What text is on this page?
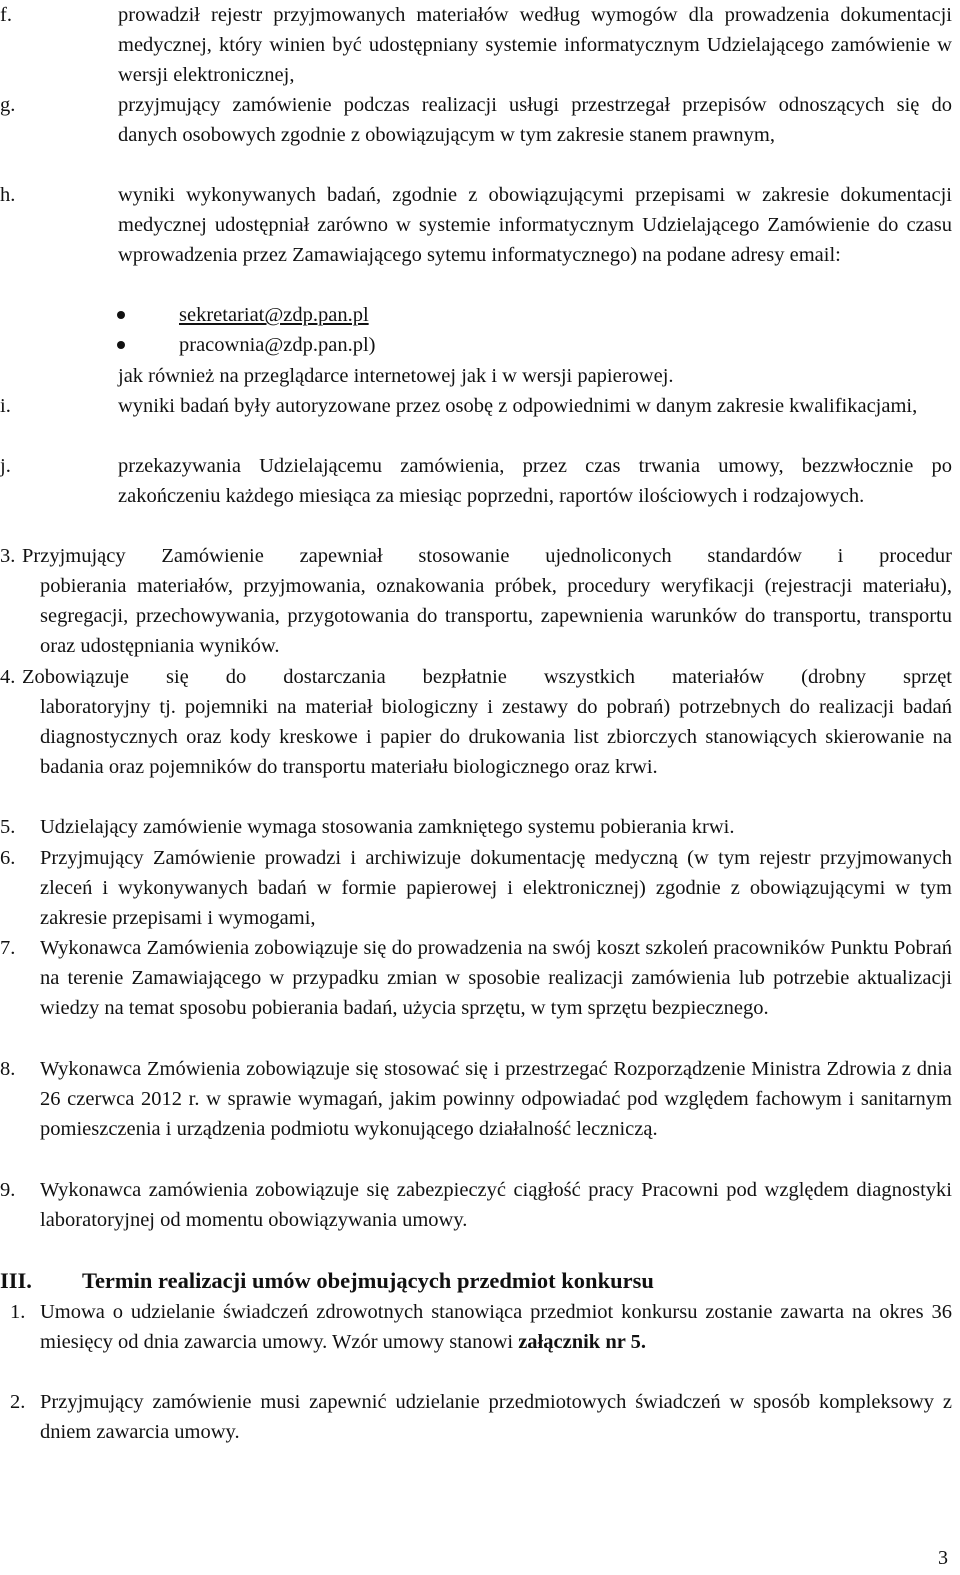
f.	prowadził rejestr przyjmowanych materiałów według wymogów dla prowadzenia dokumentacji medycznej, który winien być udostępniany systemie informatycznym Udzielającego zamówienie w wersji elektronicznej,
g.	przyjmujący zamówienie podczas realizacji usługi przestrzegał przepisów odnoszących się do danych osobowych zgodnie z obowiązującym w tym zakresie stanem prawnym,
h.	wyniki wykonywanych badań, zgodnie z obowiązującymi przepisami w zakresie dokumentacji medycznej udostępniał zarówno w systemie informatycznym Udzielającego Zamówienie do czasu wprowadzenia przez Zamawiającego sytemu informatycznego) na podane adresy email:
sekretariat@zdp.pan.pl
pracownia@zdp.pan.pl)
jak również na przeglądarce internetowej jak i w wersji papierowej.
i.	wyniki badań były autoryzowane przez osobę z odpowiednimi w danym zakresie kwalifikacjami,
j.	przekazywania Udzielającemu zamówienia, przez czas trwania umowy, bezzwłocznie po zakończeniu każdego miesiąca za miesiąc poprzedni, raportów ilościowych i rodzajowych.
3. Przyjmujący Zamówienie zapewniał stosowanie ujednoliconych standardów i procedur
pobierania materiałów, przyjmowania, oznakowania próbek, procedury weryfikacji (rejestracji materiału), segregacji, przechowywania, przygotowania do transportu, zapewnienia warunków do transportu, transportu oraz udostępniania wyników.
4. Zobowiązuje się do dostarczania bezpłatnie wszystkich materiałów (drobny sprzęt
laboratoryjny tj. pojemniki na materiał biologiczny i zestawy do pobrań) potrzebnych do realizacji badań diagnostycznych oraz kody kreskowe i papier do drukowania list zbiorczych stanowiących skierowanie na badania oraz pojemników do transportu materiału biologicznego oraz krwi.
5.	Udzielający zamówienie wymaga stosowania zamkniętego systemu pobierania krwi.
6.	Przyjmujący Zamówienie prowadzi i archiwizuje dokumentację medyczną (w tym rejestr przyjmowanych zleceń i wykonywanych badań w formie papierowej i elektronicznej) zgodnie z obowiązującymi w tym zakresie przepisami i wymogami,
7.	Wykonawca Zamówienia zobowiązuje się do prowadzenia na swój koszt szkoleń pracowników Punktu Pobrań na terenie Zamawiającego w przypadku zmian w sposobie realizacji zamówienia lub potrzebie aktualizacji wiedzy na temat sposobu pobierania badań, użycia sprzętu, w tym sprzętu bezpiecznego.
8.	Wykonawca Zmówienia zobowiązuje się stosować się i przestrzegać Rozporządzenie Ministra Zdrowia z dnia 26 czerwca 2012 r. w sprawie wymagań, jakim powinny odpowiadać pod względem fachowym i sanitarnym pomieszczenia i urządzenia podmiotu wykonującego działalność leczniczą.
9.	Wykonawca zamówienia zobowiązuje się zabezpieczyć ciągłość pracy Pracowni pod względem diagnostyki laboratoryjnej od momentu obowiązywania umowy.
III. Termin realizacji umów obejmujących przedmiot konkursu
1. Umowa o udzielanie świadczeń zdrowotnych stanowiąca przedmiot konkursu zostanie zawarta na okres 36 miesięcy od dnia zawarcia umowy. Wzór umowy stanowi załącznik nr 5.
2. Przyjmujący zamówienie musi zapewnić udzielanie przedmiotowych świadczeń w sposób kompleksowy z dniem zawarcia umowy.
3
